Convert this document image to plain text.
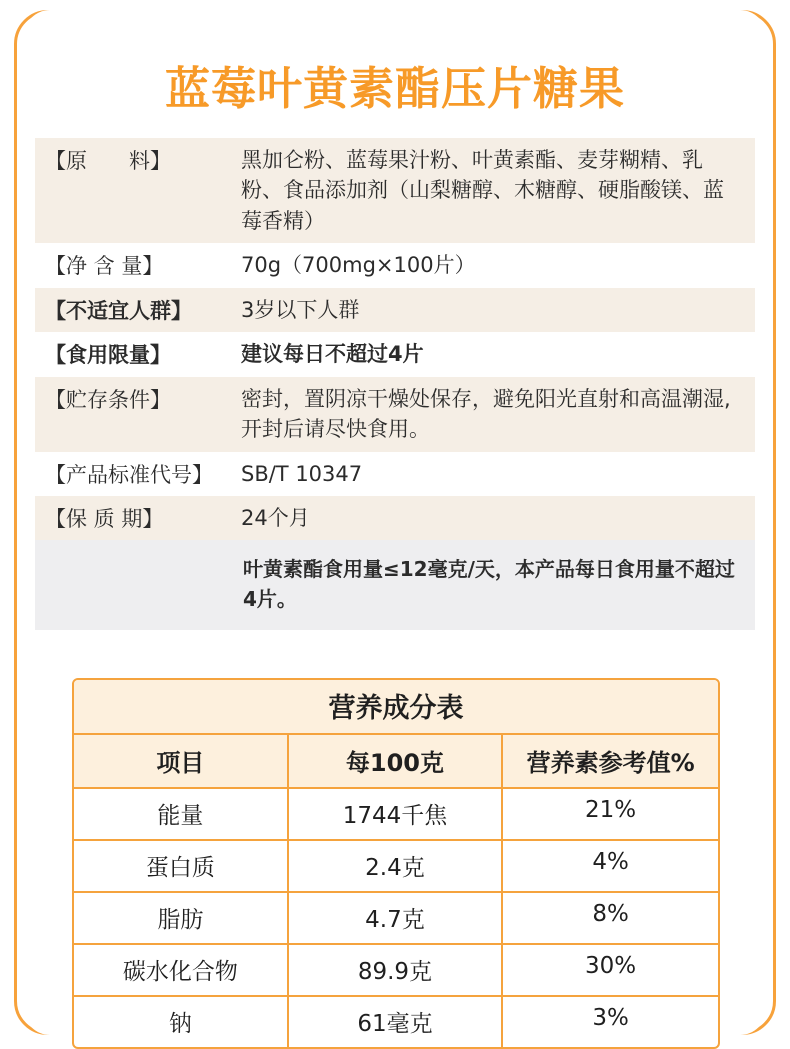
蓝莓叶黄素酯压片糖果
【原　　料】	黑加仑粉、蓝莓果汁粉、叶黄素酯、麦芽糊精、乳粉、食品添加剂（山梨糖醇、木糖醇、硬脂酸镁、蓝莓香精）
【净 含 量】	70g（700mg×100片）
【不适宜人群】	3岁以下人群
【食用限量】	建议每日不超过4片
【贮存条件】	密封，置阴凉干燥处保存，避免阳光直射和高温潮湿, 开封后请尽快食用。
【产品标准代号】	SB/T 10347
【保 质 期】	24个月
叶黄素酯食用量≤12毫克/天，本产品每日食用量不超过4片。
营养成分表
项目	每100克	营养素参考值%
能量	1744千焦	21%
蛋白质	2.4克	4%
脂肪	4.7克	8%
碳水化合物	89.9克	30%
钠	61毫克	3%
